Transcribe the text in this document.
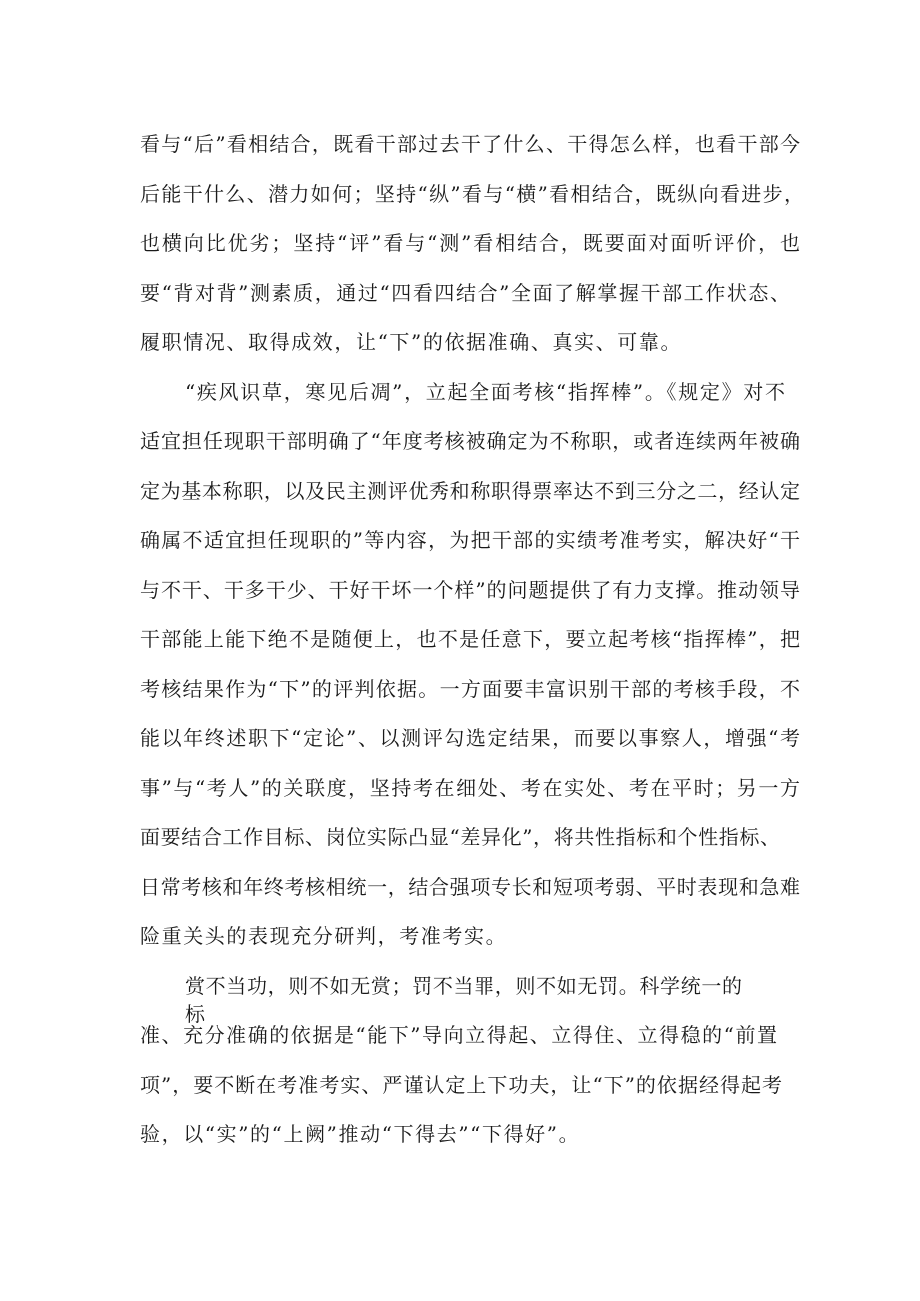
看与“后”看相结合，既看干部过去干了什么、干得怎么样，也看干部今
后能干什么、潜力如何；坚持“纵”看与“横”看相结合，既纵向看进步，
也横向比优劣；坚持“评”看与“测”看相结合，既要面对面听评价，也
要“背对背”测素质，通过“四看四结合”全面了解掌握干部工作状态、
履职情况、取得成效，让“下”的依据准确、真实、可靠。
“疾风识草，寒见后凋”，立起全面考核“指挥棒”。《规定》对不
适宜担任现职干部明确了“年度考核被确定为不称职，或者连续两年被确
定为基本称职，以及民主测评优秀和称职得票率达不到三分之二，经认定
确属不适宜担任现职的”等内容，为把干部的实绩考准考实，解决好“干
与不干、干多干少、干好干坏一个样”的问题提供了有力支撑。推动领导
干部能上能下绝不是随便上，也不是任意下，要立起考核“指挥棒”，把
考核结果作为“下”的评判依据。一方面要丰富识别干部的考核手段，不
能以年终述职下“定论”、以测评勾选定结果，而要以事察人，增强“考
事”与“考人”的关联度，坚持考在细处、考在实处、考在平时；另一方
面要结合工作目标、岗位实际凸显“差异化”，将共性指标和个性指标、
日常考核和年终考核相统一，结合强项专长和短项考弱、平时表现和急难
险重关头的表现充分研判，考准考实。
赏不当功，则不如无赏；罚不当罪，则不如无罚。科学统一的标
准、充分准确的依据是“能下”导向立得起、立得住、立得稳的“前置
项”，要不断在考准考实、严谨认定上下功夫，让“下”的依据经得起考
验，以“实”的“上阙”推动“下得去”“下得好”。
